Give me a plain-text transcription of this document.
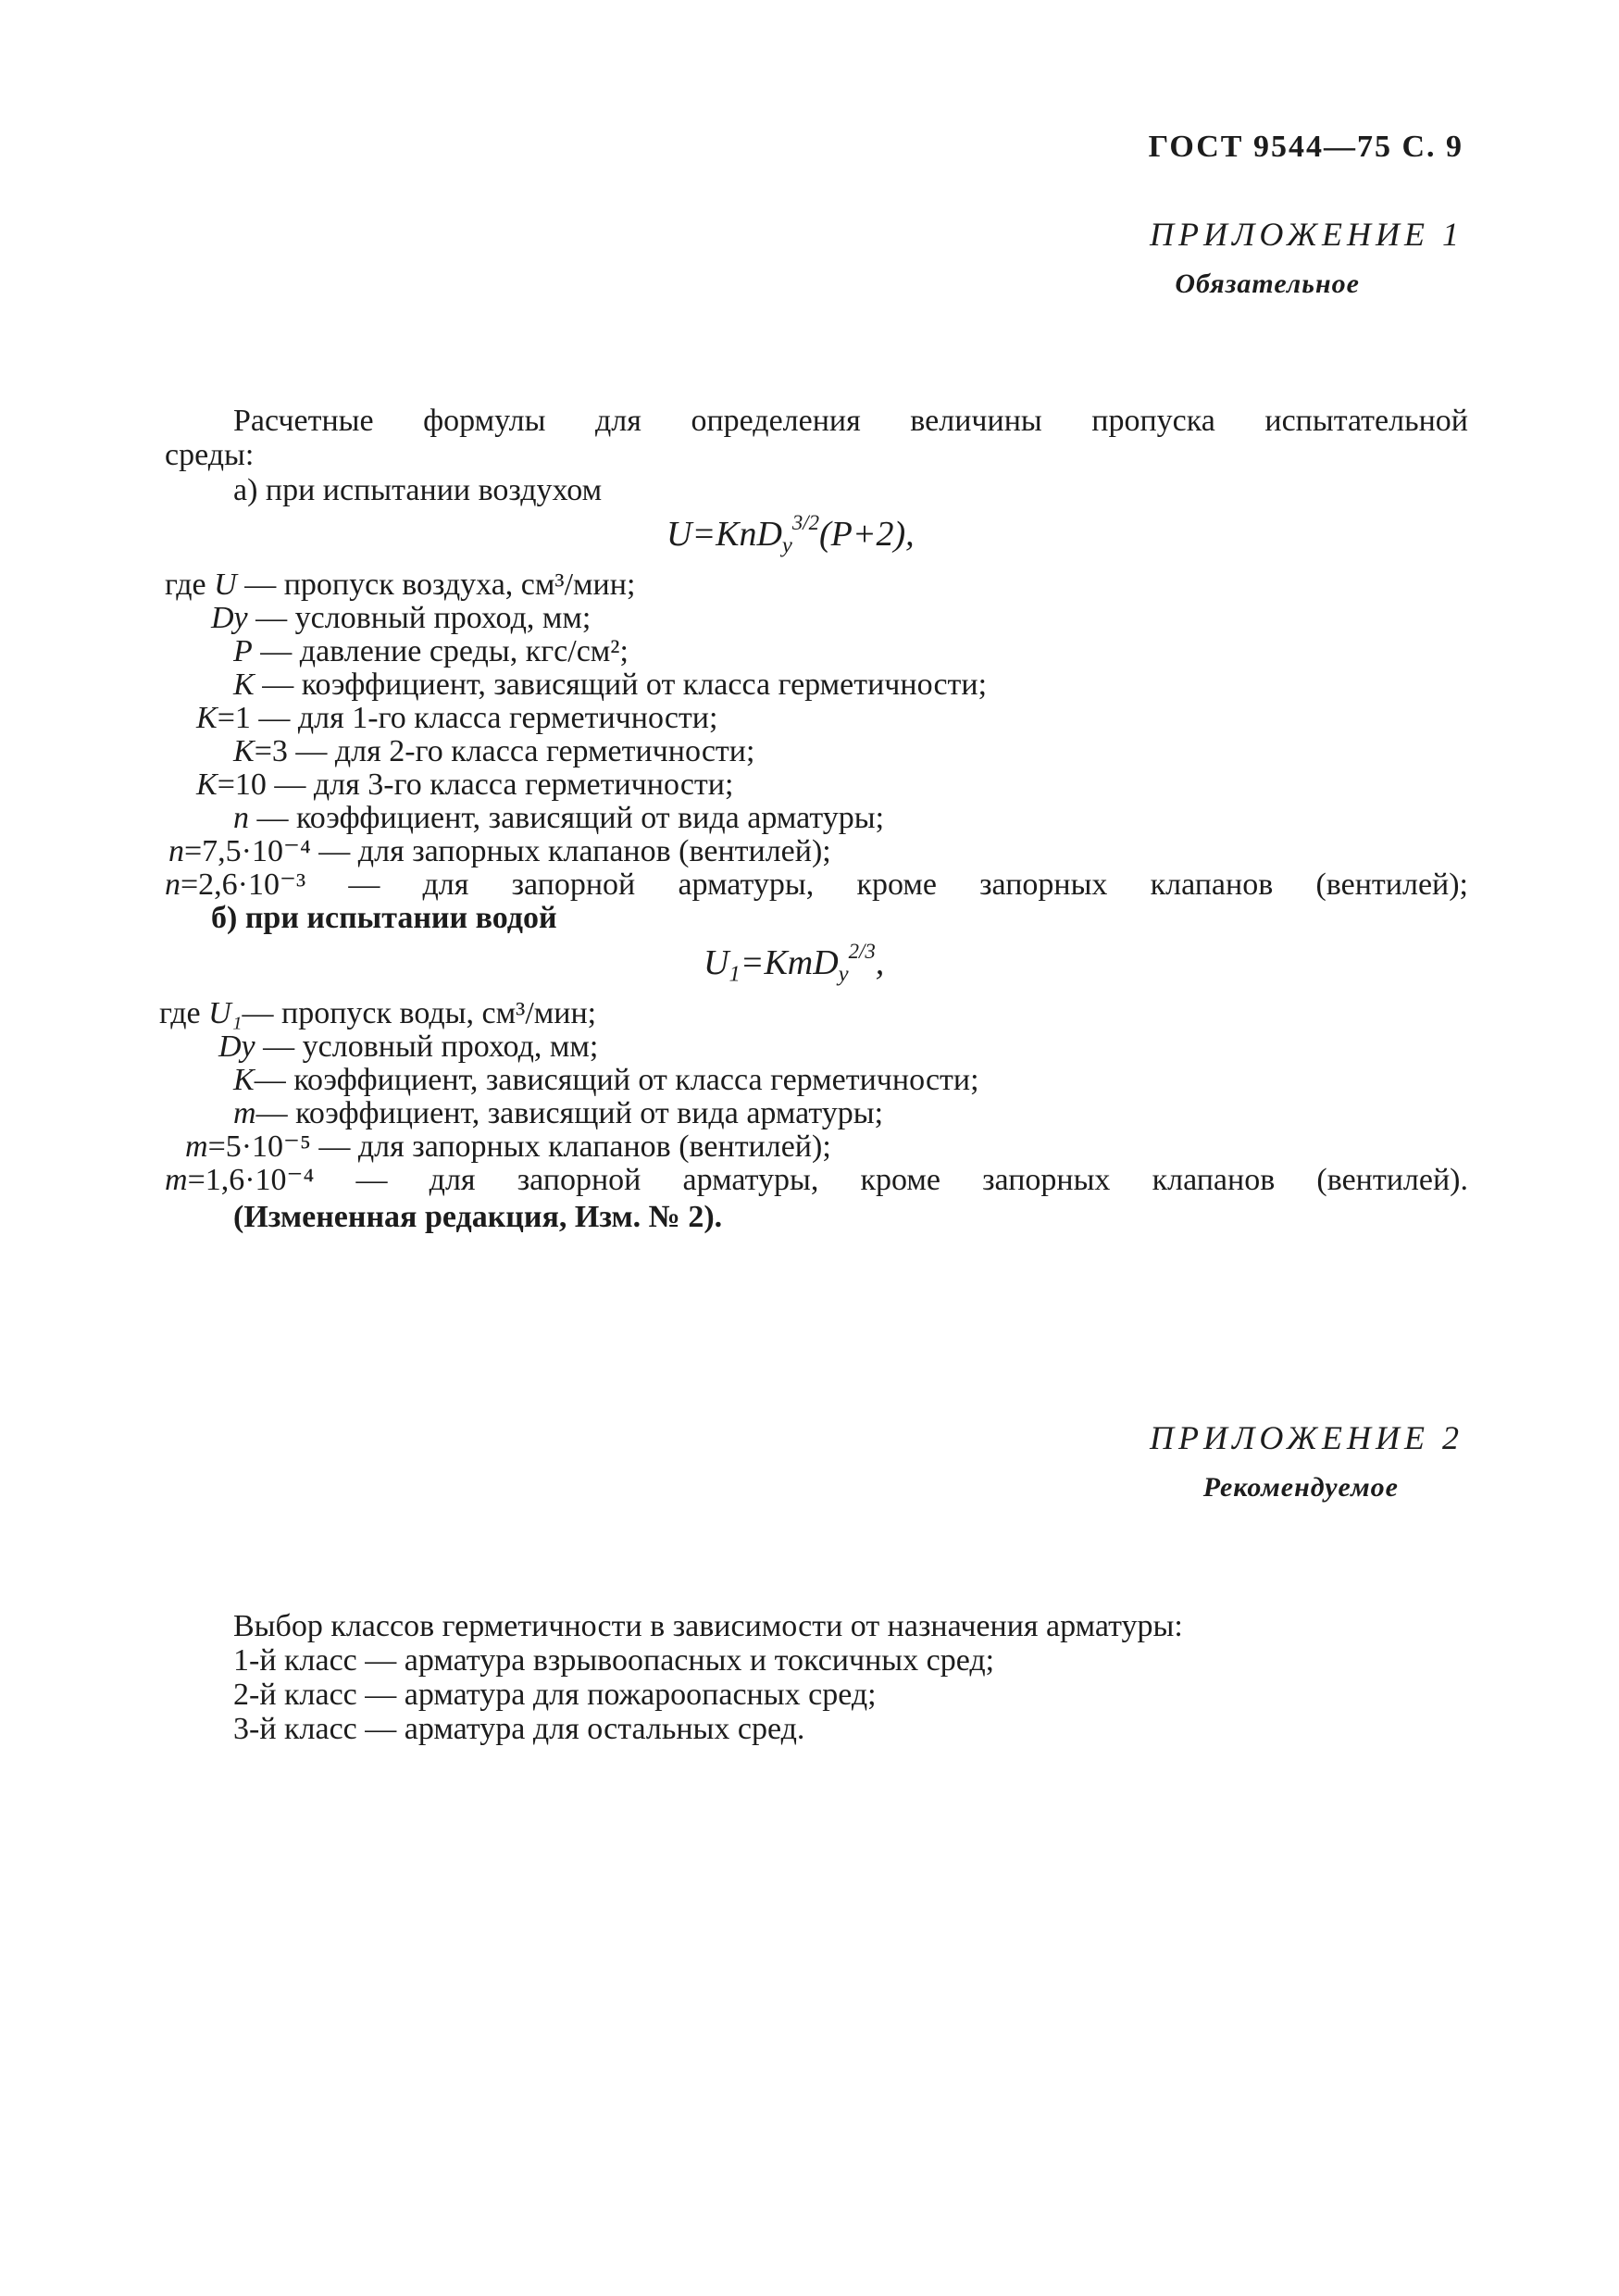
ГОСТ 9544—75 С. 9
ПРИЛОЖЕНИЕ 1
Обязательное
Расчетные формулы для определения величины пропуска испытательной
среды:
а) при испытании воздухом
U=KnD$_у^{3/2}$(P+2),
где U — пропуск воздуха, см³/мин;
Dу — условный проход, мм;
P — давление среды, кгс/см²;
K — коэффициент, зависящий от класса герметичности;
K=1 — для 1-го класса герметичности;
K=3 — для 2-го класса герметичности;
K=10 — для 3-го класса герметичности;
n — коэффициент, зависящий от вида арматуры;
n=7,5·10⁻⁴ — для запорных клапанов (вентилей);
n=2,6·10⁻³ — для запорной арматуры, кроме запорных клапанов (вентилей);
б) при испытании водой
$U_1=KmD_у^{2/3}$,
где U₁— пропуск воды, см³/мин;
Dу — условный проход, мм;
K— коэффициент, зависящий от класса герметичности;
m— коэффициент, зависящий от вида арматуры;
m=5·10⁻⁵ — для запорных клапанов (вентилей);
m=1,6·10⁻⁴ — для запорной арматуры, кроме запорных клапанов (вентилей).
(Измененная редакция, Изм. № 2).
ПРИЛОЖЕНИЕ 2
Рекомендуемое
Выбор классов герметичности в зависимости от назначения арматуры:
1-й класс — арматура взрывоопасных и токсичных сред;
2-й класс — арматура для пожароопасных сред;
3-й класс — арматура для остальных сред.
